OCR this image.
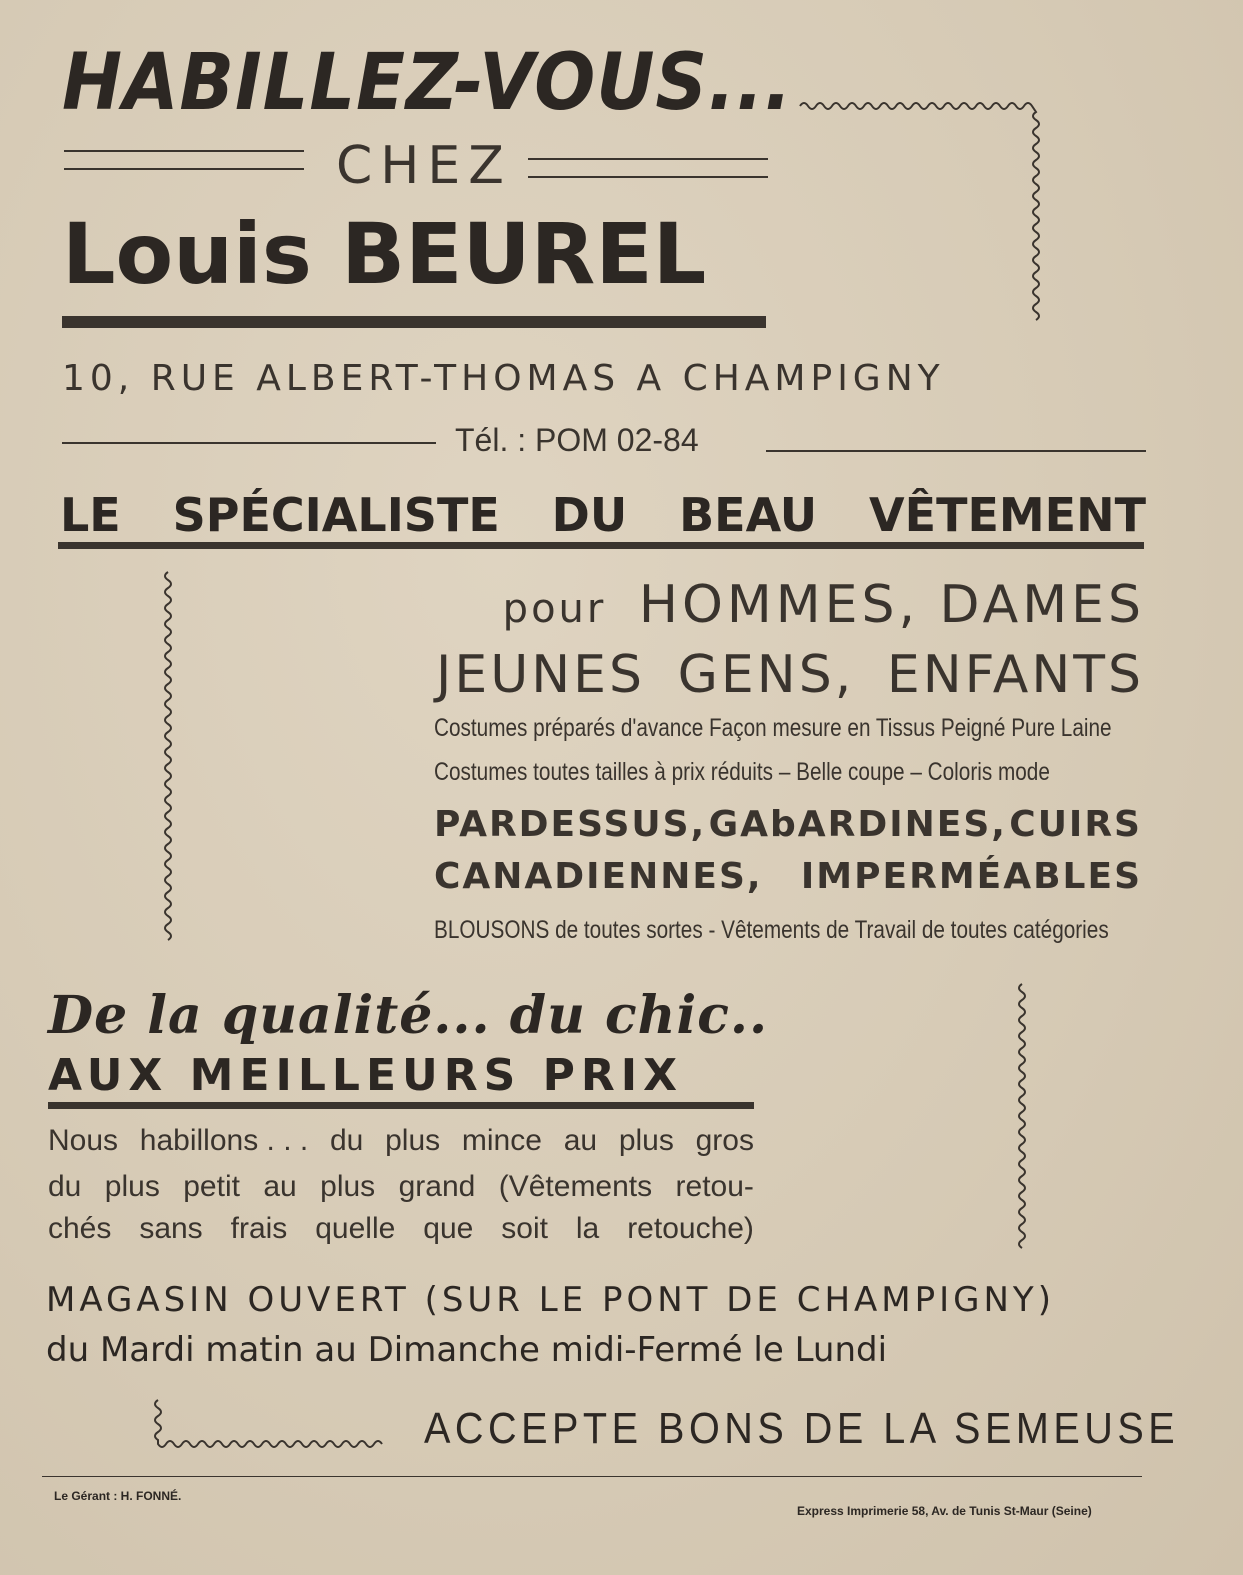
HABILLEZ-VOUS...
CHEZ
Louis BEUREL
10, RUE ALBERT-THOMAS A CHAMPIGNY
Tél. : POM 02-84
LE SPÉCIALISTE DU BEAU VÊTEMENT
pour HOMMES, DAMES
JEUNES GENS, ENFANTS
Costumes préparés d'avance Façon mesure en Tissus Peigné Pure Laine
Costumes toutes tailles à prix réduits – Belle coupe – Coloris mode
PARDESSUS, GAbARDINES, CUIRS
CANADIENNES, IMPERMÉABLES
BLOUSONS de toutes sortes - Vêtements de Travail de toutes catégories
De la qualité... du chic..
AUX MEILLEURS PRIX
Nous habillons . . . du plus mince au plus gros
du plus petit au plus grand (Vêtements retou-
chés sans frais quelle que soit la retouche)
MAGASIN OUVERT (SUR LE PONT DE CHAMPIGNY)
du Mardi matin au Dimanche midi-Fermé le Lundi
ACCEPTE BONS DE LA SEMEUSE
Le Gérant : H. FONNÉ.
Express Imprimerie 58, Av. de Tunis St-Maur (Seine)
